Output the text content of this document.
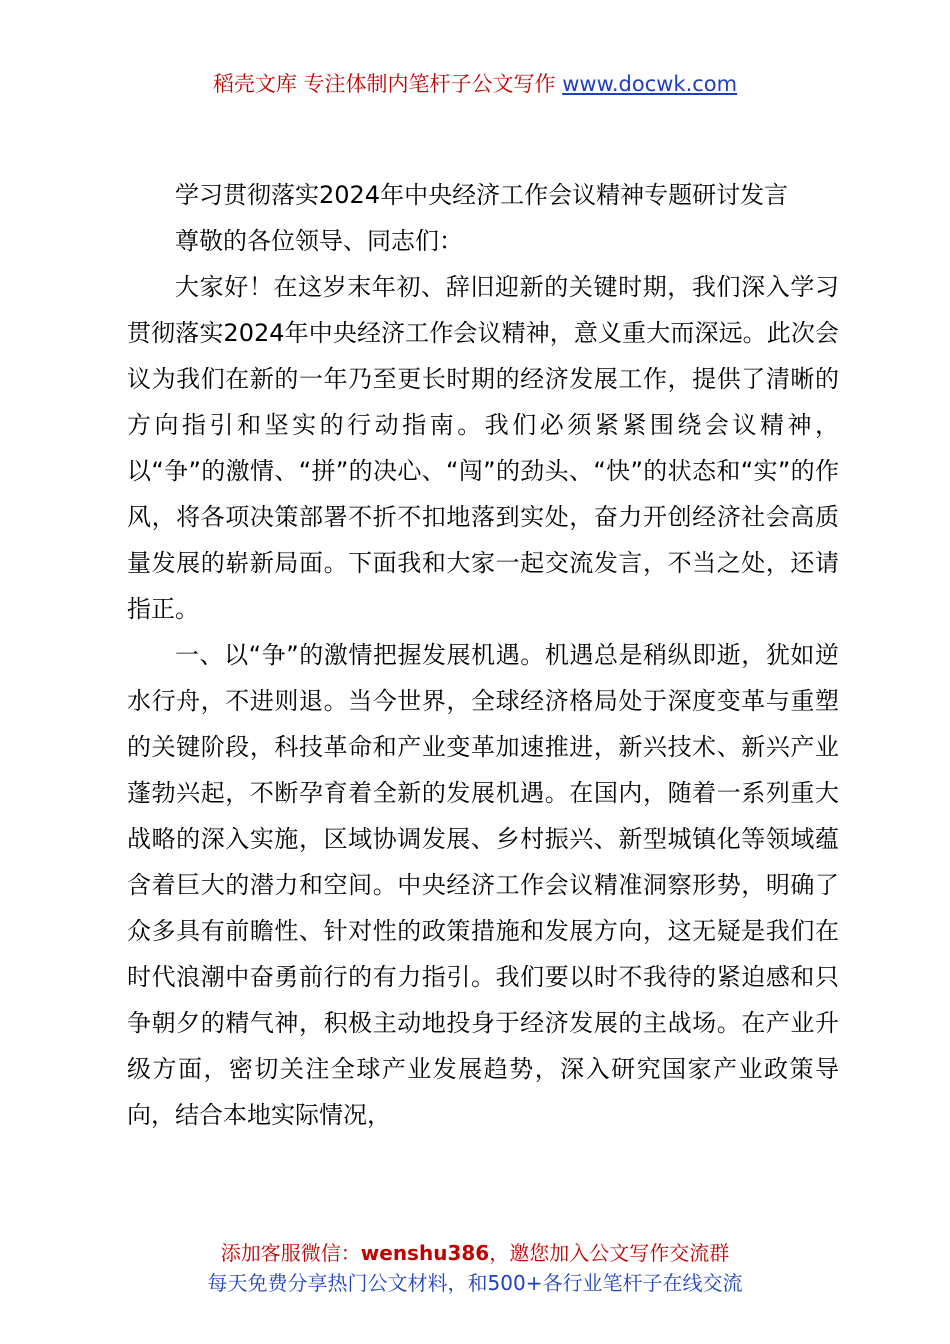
稻壳文库 专注体制内笔杆子公文写作 www.docwk.com

学习贯彻落实2024年中央经济工作会议精神专题研讨发言

尊敬的各位领导、同志们：

大家好！在这岁末年初、辞旧迎新的关键时期，我们深入学习贯彻落实2024年中央经济工作会议精神，意义重大而深远。此次会议为我们在新的一年乃至更长时期的经济发展工作，提供了清晰的方向指引和坚实的行动指南。我们必须紧紧围绕会议精神，以“争”的激情、“拼”的决心、“闯”的劲头、“快”的状态和“实”的作风，将各项决策部署不折不扣地落到实处，奋力开创经济社会高质量发展的崭新局面。下面我和大家一起交流发言，不当之处，还请指正。

一、以“争”的激情把握发展机遇。机遇总是稍纵即逝，犹如逆水行舟，不进则退。当今世界，全球经济格局处于深度变革与重塑的关键阶段，科技革命和产业变革加速推进，新兴技术、新兴产业蓬勃兴起，不断孕育着全新的发展机遇。在国内，随着一系列重大战略的深入实施，区域协调发展、乡村振兴、新型城镇化等领域蕴含着巨大的潜力和空间。中央经济工作会议精准洞察形势，明确了众多具有前瞻性、针对性的政策措施和发展方向，这无疑是我们在时代浪潮中奋勇前行的有力指引。我们要以时不我待的紧迫感和只争朝夕的精气神，积极主动地投身于经济发展的主战场。在产业升级方面，密切关注全球产业发展趋势，深入研究国家产业政策导向，结合本地实际情况，

添加客服微信：wenshu386，邀您加入公文写作交流群
每天免费分享热门公文材料，和500+各行业笔杆子在线交流
